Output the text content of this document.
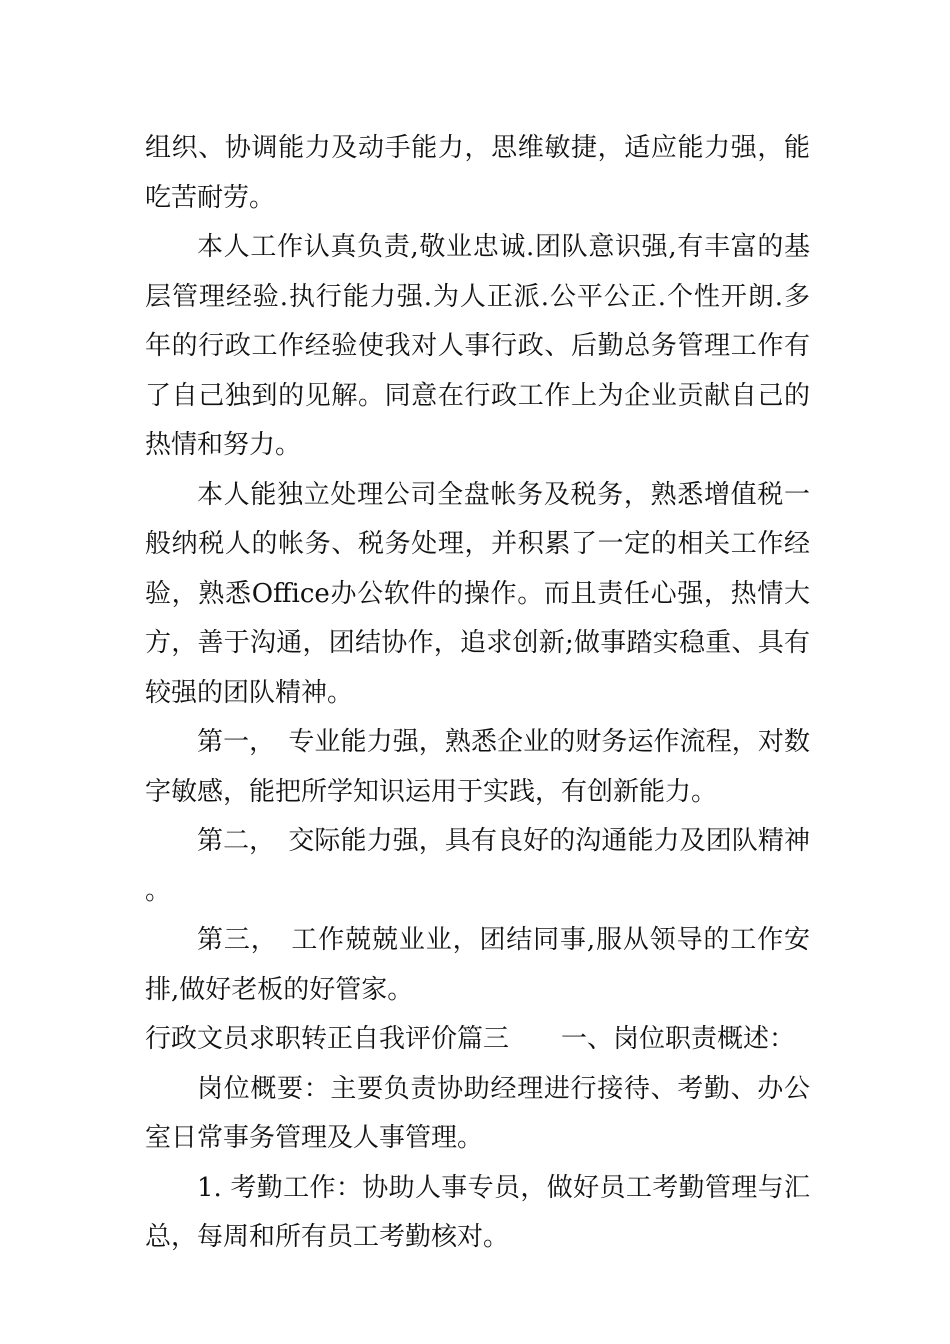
组织、协调能力及动手能力，思维敏捷，适应能力强，能吃苦耐劳。

本人工作认真负责,敬业忠诚.团队意识强,有丰富的基层管理经验.执行能力强.为人正派.公平公正.个性开朗.多年的行政工作经验使我对人事行政、后勤总务管理工作有了自己独到的见解。同意在行政工作上为企业贡献自己的热情和努力。

本人能独立处理公司全盘帐务及税务，熟悉增值税一般纳税人的帐务、税务处理，并积累了一定的相关工作经验，熟悉Office办公软件的操作。而且责任心强，热情大方，善于沟通，团结协作，追求创新;做事踏实稳重、具有较强的团队精神。

第一，　专业能力强，熟悉企业的财务运作流程，对数字敏感，能把所学知识运用于实践，有创新能力。

第二，　交际能力强，具有良好的沟通能力及团队精神。

第三，　工作兢兢业业，团结同事,服从领导的工作安排,做好老板的好管家。

行政文员求职转正自我评价篇三　　一、岗位职责概述：

岗位概要：主要负责协助经理进行接待、考勤、办公室日常事务管理及人事管理。

1. 考勤工作：协助人事专员，做好员工考勤管理与汇总，每周和所有员工考勤核对。
